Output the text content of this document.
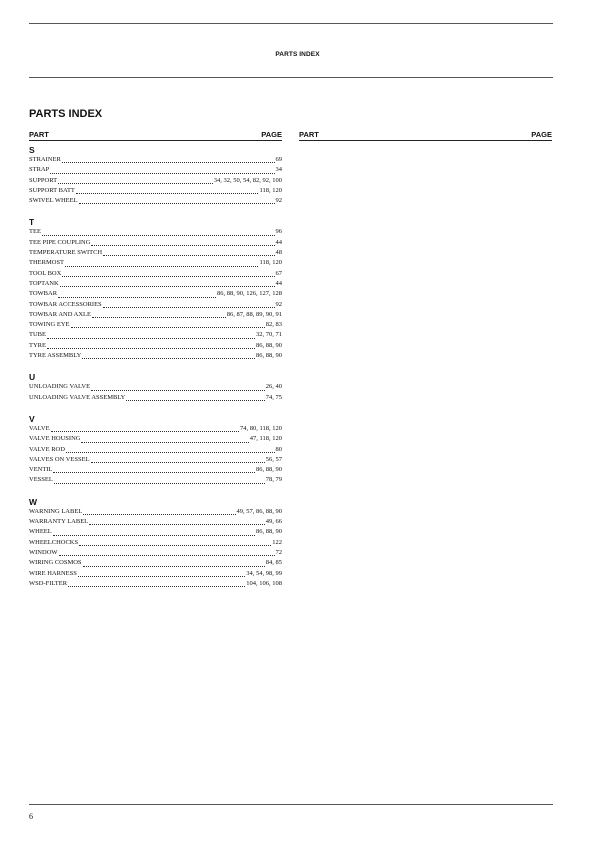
PARTS INDEX
PARTS INDEX
PART	PAGE
S
STRAINER	69
STRAP	34
SUPPORT	34, 32, 50, 54, 82, 92, 100
SUPPORT BATT	118, 120
SWIVEL WHEEL	92
T
TEE	96
TEE PIPE COUPLING	44
TEMPERATURE SWITCH	48
THERMOST	118, 120
TOOL BOX	67
TOPTANK	44
TOWBAR	86, 88, 90, 126, 127, 128
TOWBAR ACCESSORIES	92
TOWBAR AND AXLE	86, 87, 88, 89, 90, 91
TOWING EYE	82, 83
TUBE	32, 70, 71
TYRE	86, 88, 90
TYRE ASSEMBLY	86, 88, 90
U
UNLOADING VALVE	26, 40
UNLOADING VALVE ASSEMBLY	74, 75
V
VALVE	74, 80, 118, 120
VALVE HOUSING	47, 118, 120
VALVE ROD	80
VALVES ON VESSEL	56, 57
VENTIL	86, 88, 90
VESSEL	78, 79
W
WARNING LABEL	49, 57, 86, 88, 90
WARRANTY LABEL	49, 66
WHEEL	86, 88, 90
WHEELCHOCKS	122
WINDOW	72
WIRING COSMOS	84, 85
WIRE HARNESS	34, 54, 98, 99
WSD-FILTER	104, 106, 108
PART	PAGE
6
